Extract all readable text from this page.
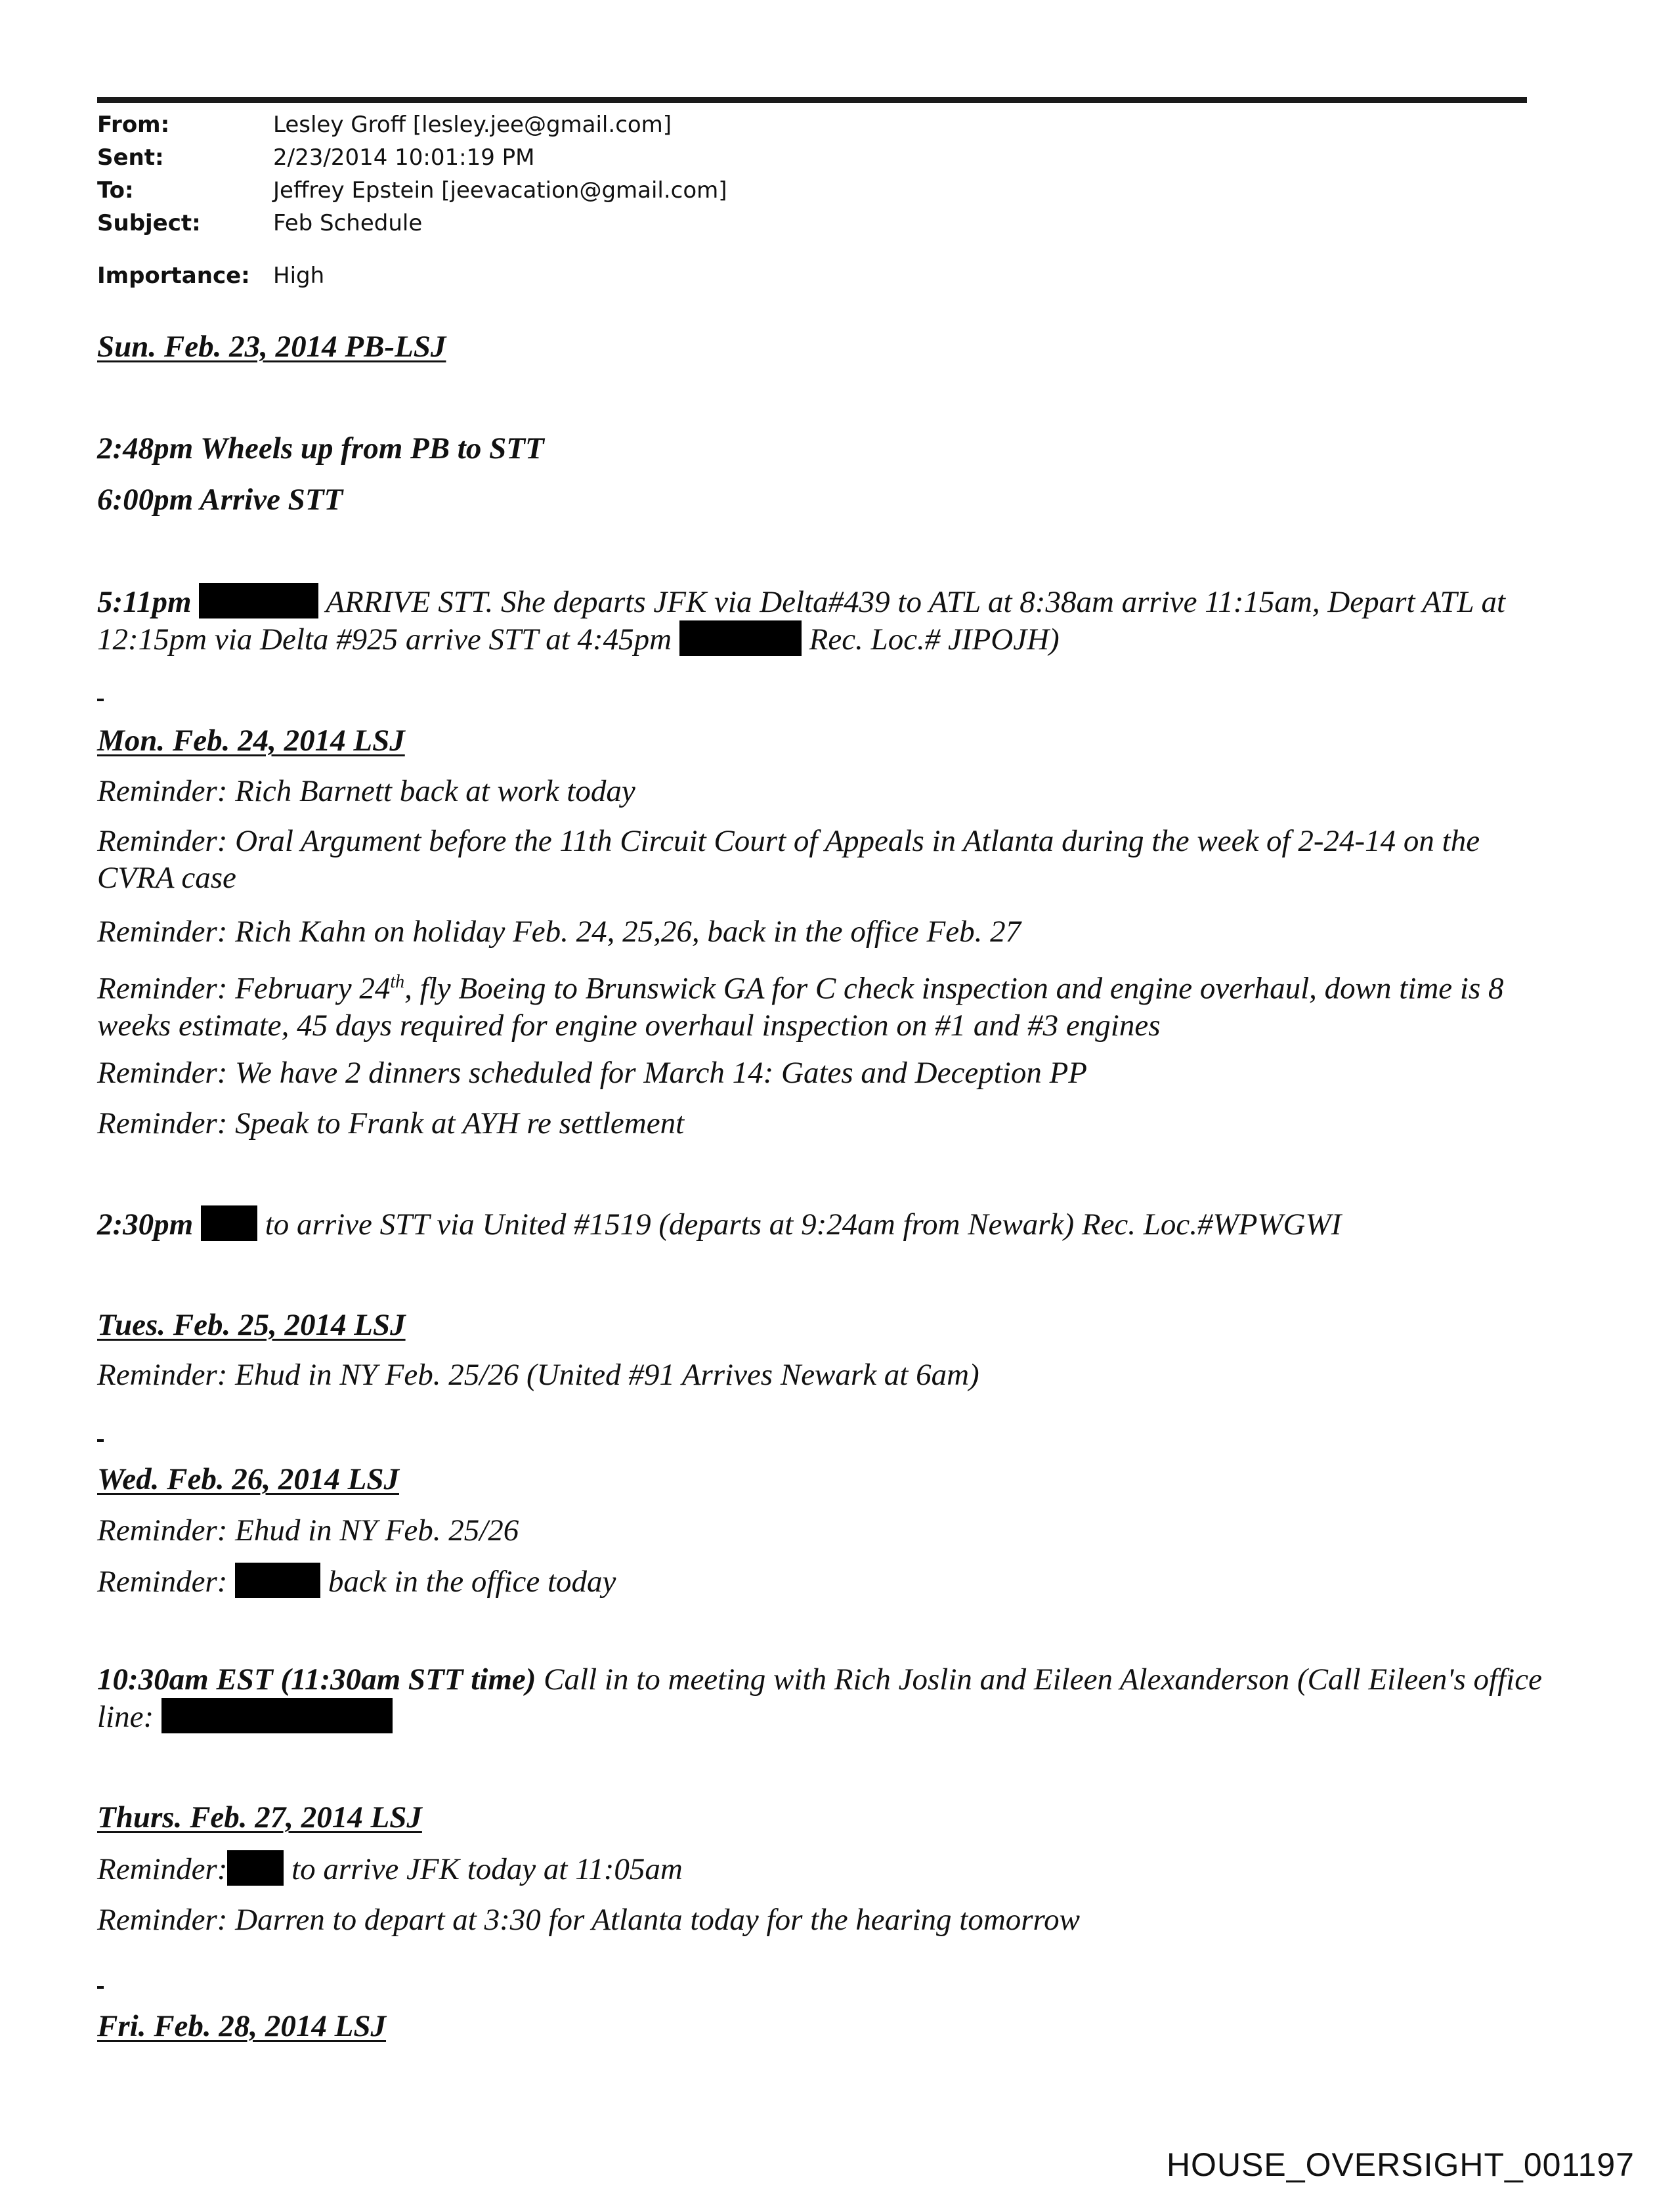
From:	Lesley Groff [lesley.jee@gmail.com]
Sent:	2/23/2014 10:01:19 PM
To:	Jeffrey Epstein [jeevacation@gmail.com]
Subject:	Feb Schedule
Importance: High
Sun. Feb. 23, 2014 PB-LSJ
2:48pm Wheels up from PB to STT
6:00pm Arrive STT
5:11pm	ARRIVE STT. She departs JFK via Delta#439 to ATL at 8:38am arrive 11:15am, Depart ATL at 12:15pm via Delta #925 arrive STT at 4:45pm	Rec. Loc.# JIPOJH)
Mon. Feb. 24, 2014 LSJ
Reminder: Rich Barnett back at work today
Reminder: Oral Argument before the 11th Circuit Court of Appeals in Atlanta during the week of 2-24-14 on the CVRA case
Reminder: Rich Kahn on holiday Feb. 24, 25,26, back in the office Feb. 27
Reminder: February 24th, fly Boeing to Brunswick GA for C check inspection and engine overhaul, down time is 8 weeks estimate, 45 days required for engine overhaul inspection on #1 and #3 engines
Reminder: We have 2 dinners scheduled for March 14: Gates and Deception PP
Reminder: Speak to Frank at AYH re settlement
2:30pm to arrive STT via United #1519 (departs at 9:24am from Newark) Rec. Loc.#WPWGWI
Tues. Feb. 25, 2014 LSJ
Reminder: Ehud in NY Feb. 25/26 (United #91 Arrives Newark at 6am)
Wed. Feb. 26, 2014 LSJ
Reminder: Ehud in NY Feb. 25/26
Reminder:	back in the office today
10:30am EST (11:30am STT time) Call in to meeting with Rich Joslin and Eileen Alexanderson (Call Eileen's office line:
Thurs. Feb. 27, 2014 LSJ
Reminder: to arrive JFK today at 11:05am
Reminder: Darren to depart at 3:30 for Atlanta today for the hearing tomorrow
Fri. Feb. 28, 2014 LSJ
HOUSE_OVERSIGHT_001197
